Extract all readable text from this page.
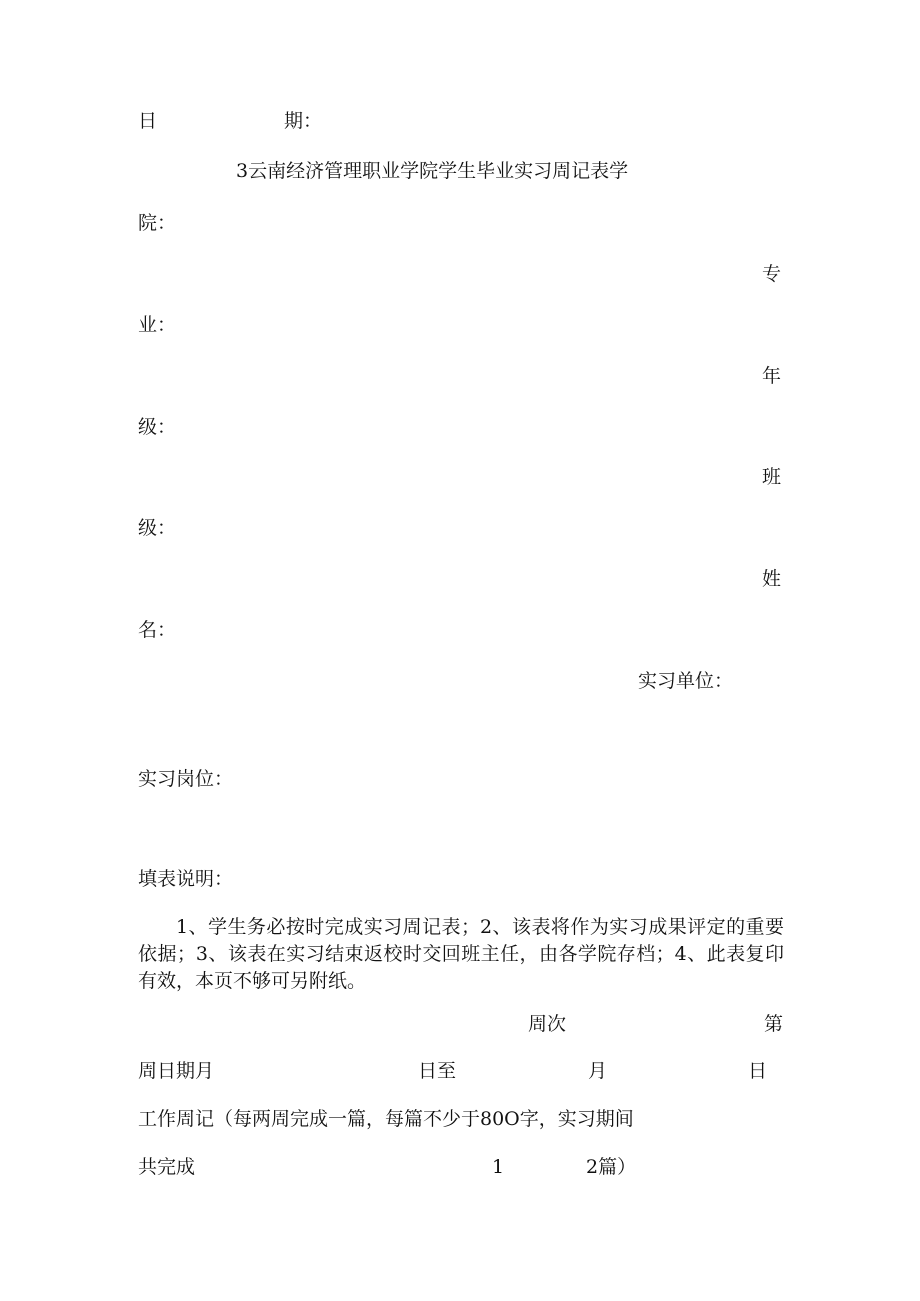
日	期：
3云南经济管理职业学院学生毕业实习周记表学
院：
专
业：
年
级：
班
级：
姓
名：
实习单位：
实习岗位：
填表说明：
1、学生务必按时完成实习周记表；2、该表将作为实习成果评定的重要依据；3、该表在实习结束返校时交回班主任，由各学院存档；4、此表复印有效，本页不够可另附纸。
周次	第
周日期月	日至	月	日
工作周记（每两周完成一篇，每篇不少于80O字，实习期间
共完成	1	2篇）
